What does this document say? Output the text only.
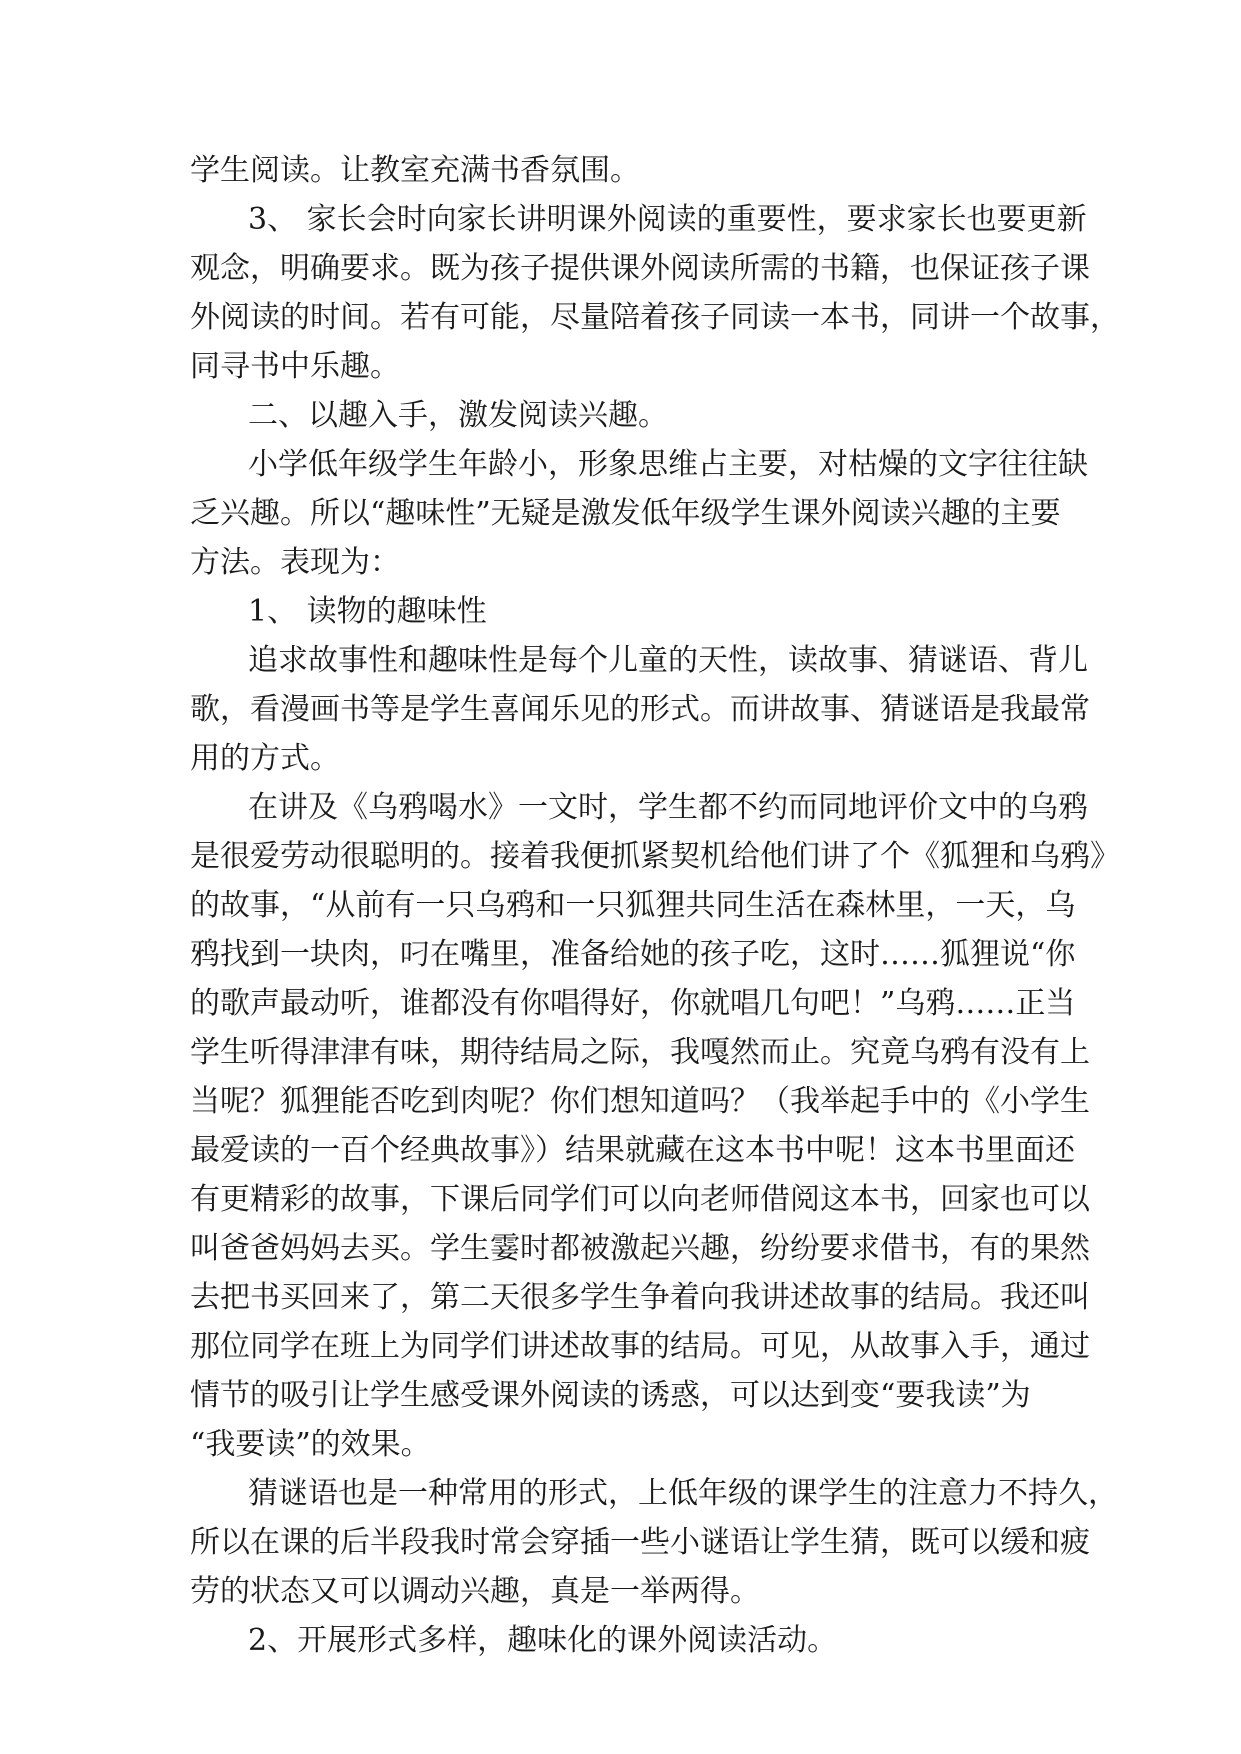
学生阅读。让教室充满书香氛围。
3、 家长会时向家长讲明课外阅读的重要性，要求家长也要更新
观念，明确要求。既为孩子提供课外阅读所需的书籍，也保证孩子课
外阅读的时间。若有可能，尽量陪着孩子同读一本书，同讲一个故事，
同寻书中乐趣。
二、以趣入手，激发阅读兴趣。
小学低年级学生年龄小，形象思维占主要，对枯燥的文字往往缺
乏兴趣。所以“趣味性”无疑是激发低年级学生课外阅读兴趣的主要
方法。表现为：
1、 读物的趣味性
追求故事性和趣味性是每个儿童的天性，读故事、猜谜语、背儿
歌，看漫画书等是学生喜闻乐见的形式。而讲故事、猜谜语是我最常
用的方式。
在讲及《乌鸦喝水》一文时，学生都不约而同地评价文中的乌鸦
是很爱劳动很聪明的。接着我便抓紧契机给他们讲了个《狐狸和乌鸦》
的故事，“从前有一只乌鸦和一只狐狸共同生活在森林里，一天，乌
鸦找到一块肉，叼在嘴里，准备给她的孩子吃，这时……狐狸说“你
的歌声最动听，谁都没有你唱得好，你就唱几句吧！”乌鸦……正当
学生听得津津有味，期待结局之际，我嘎然而止。究竟乌鸦有没有上
当呢？狐狸能否吃到肉呢？你们想知道吗？（我举起手中的《小学生
最爱读的一百个经典故事》）结果就藏在这本书中呢！这本书里面还
有更精彩的故事，下课后同学们可以向老师借阅这本书，回家也可以
叫爸爸妈妈去买。学生霎时都被激起兴趣，纷纷要求借书，有的果然
去把书买回来了，第二天很多学生争着向我讲述故事的结局。我还叫
那位同学在班上为同学们讲述故事的结局。可见，从故事入手，通过
情节的吸引让学生感受课外阅读的诱惑，可以达到变“要我读”为
“我要读”的效果。
猜谜语也是一种常用的形式，上低年级的课学生的注意力不持久，
所以在课的后半段我时常会穿插一些小谜语让学生猜，既可以缓和疲
劳的状态又可以调动兴趣，真是一举两得。
2、开展形式多样，趣味化的课外阅读活动。
